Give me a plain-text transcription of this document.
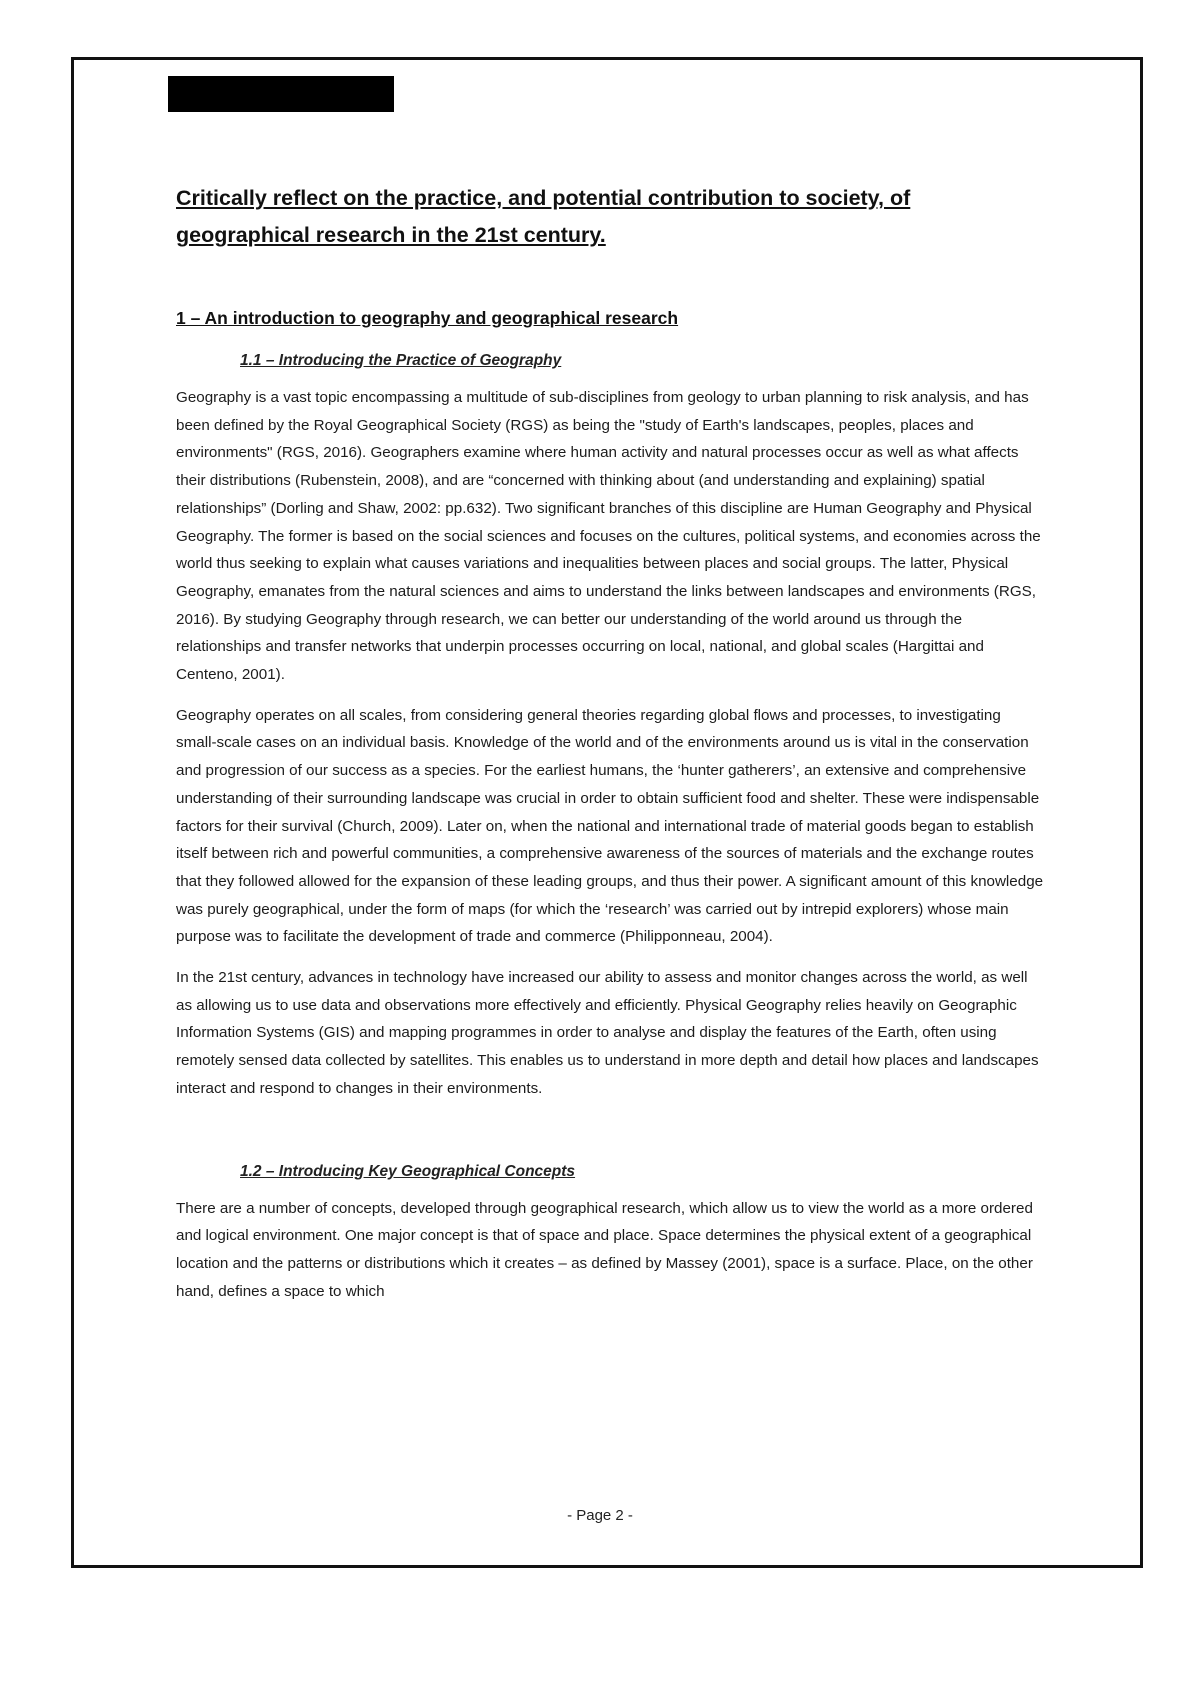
Critically reflect on the practice, and potential contribution to society, of geographical research in the 21st century.
1 – An introduction to geography and geographical research
1.1 – Introducing the Practice of Geography

Geography is a vast topic encompassing a multitude of sub-disciplines from geology to urban planning to risk analysis, and has been defined by the Royal Geographical Society (RGS) as being the "study of Earth's landscapes, peoples, places and environments" (RGS, 2016). Geographers examine where human activity and natural processes occur as well as what affects their distributions (Rubenstein, 2008), and are “concerned with thinking about (and understanding and explaining) spatial relationships” (Dorling and Shaw, 2002: pp.632). Two significant branches of this discipline are Human Geography and Physical Geography. The former is based on the social sciences and focuses on the cultures, political systems, and economies across the world thus seeking to explain what causes variations and inequalities between places and social groups. The latter, Physical Geography, emanates from the natural sciences and aims to understand the links between landscapes and environments (RGS, 2016). By studying Geography through research, we can better our understanding of the world around us through the relationships and transfer networks that underpin processes occurring on local, national, and global scales (Hargittai and Centeno, 2001).

Geography operates on all scales, from considering general theories regarding global flows and processes, to investigating small-scale cases on an individual basis. Knowledge of the world and of the environments around us is vital in the conservation and progression of our success as a species. For the earliest humans, the ‘hunter gatherers’, an extensive and comprehensive understanding of their surrounding landscape was crucial in order to obtain sufficient food and shelter. These were indispensable factors for their survival (Church, 2009). Later on, when the national and international trade of material goods began to establish itself between rich and powerful communities, a comprehensive awareness of the sources of materials and the exchange routes that they followed allowed for the expansion of these leading groups, and thus their power. A significant amount of this knowledge was purely geographical, under the form of maps (for which the ‘research’ was carried out by intrepid explorers) whose main purpose was to facilitate the development of trade and commerce (Philipponneau, 2004).

In the 21st century, advances in technology have increased our ability to assess and monitor changes across the world, as well as allowing us to use data and observations more effectively and efficiently. Physical Geography relies heavily on Geographic Information Systems (GIS) and mapping programmes in order to analyse and display the features of the Earth, often using remotely sensed data collected by satellites. This enables us to understand in more depth and detail how places and landscapes interact and respond to changes in their environments.

1.2 – Introducing Key Geographical Concepts

There are a number of concepts, developed through geographical research, which allow us to view the world as a more ordered and logical environment. One major concept is that of space and place. Space determines the physical extent of a geographical location and the patterns or distributions which it creates – as defined by Massey (2001), space is a surface. Place, on the other hand, defines a space to which

- Page 2 -
